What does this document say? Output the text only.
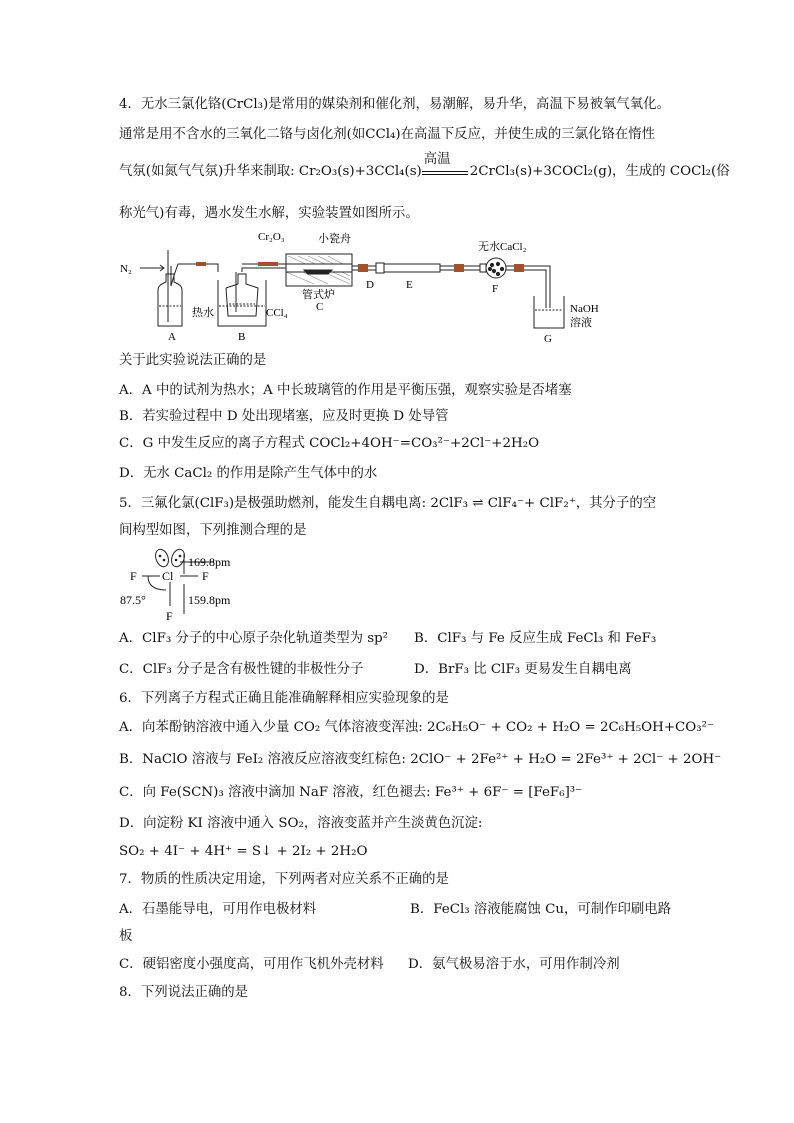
4．无水三氯化铬(CrCl₃)是常用的媒染剂和催化剂，易潮解，易升华，高温下易被氧气氧化。
通常是用不含水的三氧化二铬与卤化剂(如CCl₄)在高温下反应，并使生成的三氯化铬在惰性
气氛(如氮气气氛)升华来制取: Cr₂O₃(s)+3CCl₄(s)
高温
2CrCl₃(s)+3COCl₂(g)，生成的 COCl₂(俗
称光气)有毒，遇水发生水解，实验装置如图所示。
N₂
Cr₂O₃	小瓷舟
无水CaCl₂
管式炉
C
D	E	F
热水	CCl₄	NaOH
溶液
A	B	G
关于此实验说法正确的是
A．A 中的试剂为热水；A 中长玻璃管的作用是平衡压强，观察实验是否堵塞
B．若实验过程中 D 处出现堵塞，应及时更换 D 处导管
C．G 中发生反应的离子方程式 COCl₂+4OH⁻=CO₃²⁻+2Cl⁻+2H₂O
D．无水 CaCl₂ 的作用是除产生气体中的水
5．三氟化氯(ClF₃)是极强助燃剂，能发生自耦电离: 2ClF₃ ⇌ ClF₄⁻+ ClF₂⁺，其分子的空
间构型如图，下列推测合理的是
169.8pm
159.8pm
87.5°
F Cl F
F
A．ClF₃ 分子的中心原子杂化轨道类型为 sp² B．ClF₃ 与 Fe 反应生成 FeCl₃ 和 FeF₃
C．ClF₃ 分子是含有极性键的非极性分子	D．BrF₃ 比 ClF₃ 更易发生自耦电离
6．下列离子方程式正确且能准确解释相应实验现象的是
A．向苯酚钠溶液中通入少量 CO₂ 气体溶液变浑浊: 2C₆H₅O⁻ + CO₂ + H₂O = 2C₆H₅OH+CO₃²⁻
B．NaClO 溶液与 FeI₂ 溶液反应溶液变红棕色: 2ClO⁻ + 2Fe²⁺ + H₂O = 2Fe³⁺ + 2Cl⁻ + 2OH⁻
C．向 Fe(SCN)₃ 溶液中滴加 NaF 溶液，红色褪去: Fe³⁺ + 6F⁻ = [FeF₆]³⁻
D．向淀粉 KI 溶液中通入 SO₂，溶液变蓝并产生淡黄色沉淀:
SO₂ + 4I⁻ + 4H⁺ = S↓ + 2I₂ + 2H₂O
7．物质的性质决定用途，下列两者对应关系不正确的是
A．石墨能导电，可用作电极材料	B．FeCl₃ 溶液能腐蚀 Cu，可制作印刷电路
板
C．硬铝密度小强度高，可用作飞机外壳材料 D．氨气极易溶于水，可用作制冷剂
8．下列说法正确的是
